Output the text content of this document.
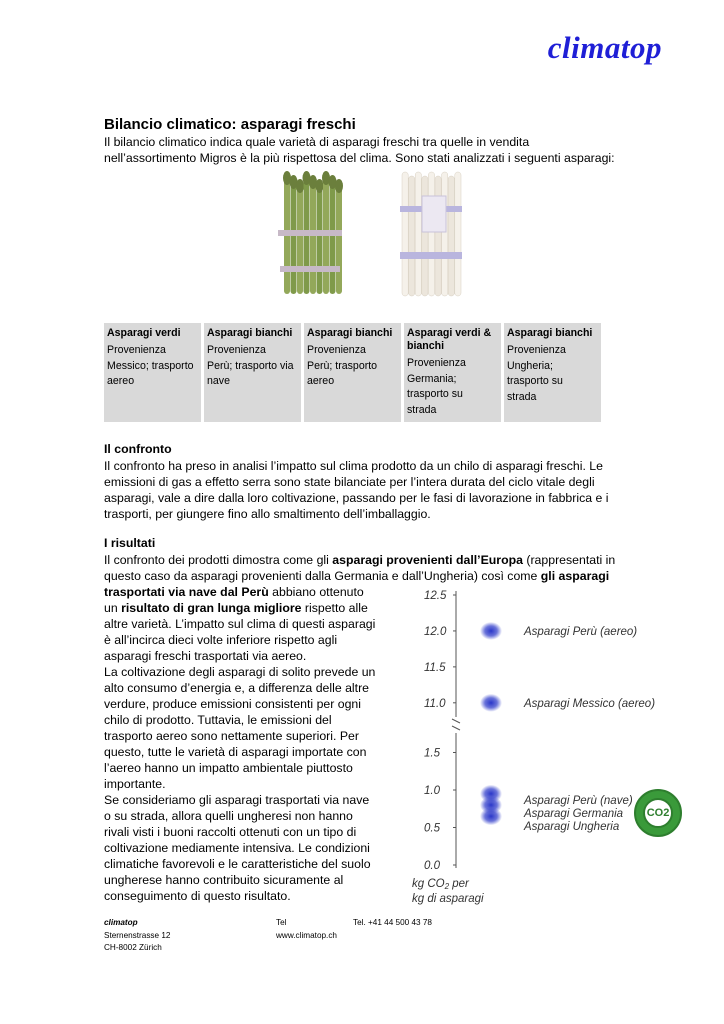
climatop
Bilancio climatico: asparagi freschi
Il bilancio climatico indica quale varietà di asparagi freschi tra quelle in vendita
nell’assortimento Migros è la più rispettosa del clima. Sono stati analizzati i seguenti asparagi:
Asparagi verdi
Provenienza
Messico; trasporto
aereo

Asparagi bianchi
Provenienza
Perù; trasporto via
nave

Asparagi bianchi
Provenienza
Perù; trasporto
aereo

Asparagi verdi & bianchi
Provenienza
Germania;
trasporto su
strada

Asparagi bianchi
Provenienza
Ungheria;
trasporto su
strada
Il confronto
Il confronto ha preso in analisi l’impatto sul clima prodotto da un chilo di asparagi freschi. Le
emissioni di gas a effetto serra sono state bilanciate per l’intera durata del ciclo vitale degli
asparagi, vale a dire dalla loro coltivazione, passando per le fasi di lavorazione in fabbrica e i
trasporti, per giungere fino allo smaltimento dell’imballaggio.
I risultati
Il confronto dei prodotti dimostra come gli asparagi provenienti dall’Europa (rappresentati in
questo caso da asparagi provenienti dalla Germania e dall’Ungheria) così come gli asparagi
trasportati via nave dal Perù abbiano ottenuto
un risultato di gran lunga migliore rispetto alle
altre varietà. L’impatto sul clima di questi asparagi
è all’incirca dieci volte inferiore rispetto agli
asparagi freschi trasportati via aereo.
La coltivazione degli asparagi di solito prevede un
alto consumo d’energia e, a differenza delle altre
verdure, produce emissioni consistenti per ogni
chilo di prodotto. Tuttavia, le emissioni del
trasporto aereo sono nettamente superiori. Per
questo, tutte le varietà di asparagi importate con
l’aereo hanno un impatto ambientale piuttosto
importante.
Se consideriamo gli asparagi trasportati via nave
o su strada, allora quelli ungheresi non hanno
rivali visti i buoni raccolti ottenuti con un tipo di
coltivazione mediamente intensiva. Le condizioni
climatiche favorevoli e le caratteristiche del suolo
ungherese hanno contribuito sicuramente al
conseguimento di questo risultato.
12.5
12.0
11.5
11.0
1.5
1.0
0.5
0.0
Asparagi Perù (aereo)
Asparagi Messico (aereo)
Asparagi Perù (nave)
Asparagi Germania
Asparagi Ungheria
kg CO2 per
kg di asparagi
CO2
climatop
Sternenstrasse 12
CH-8002 Zürich
Tel
www.climatop.ch
Tel. +41 44 500 43 78
